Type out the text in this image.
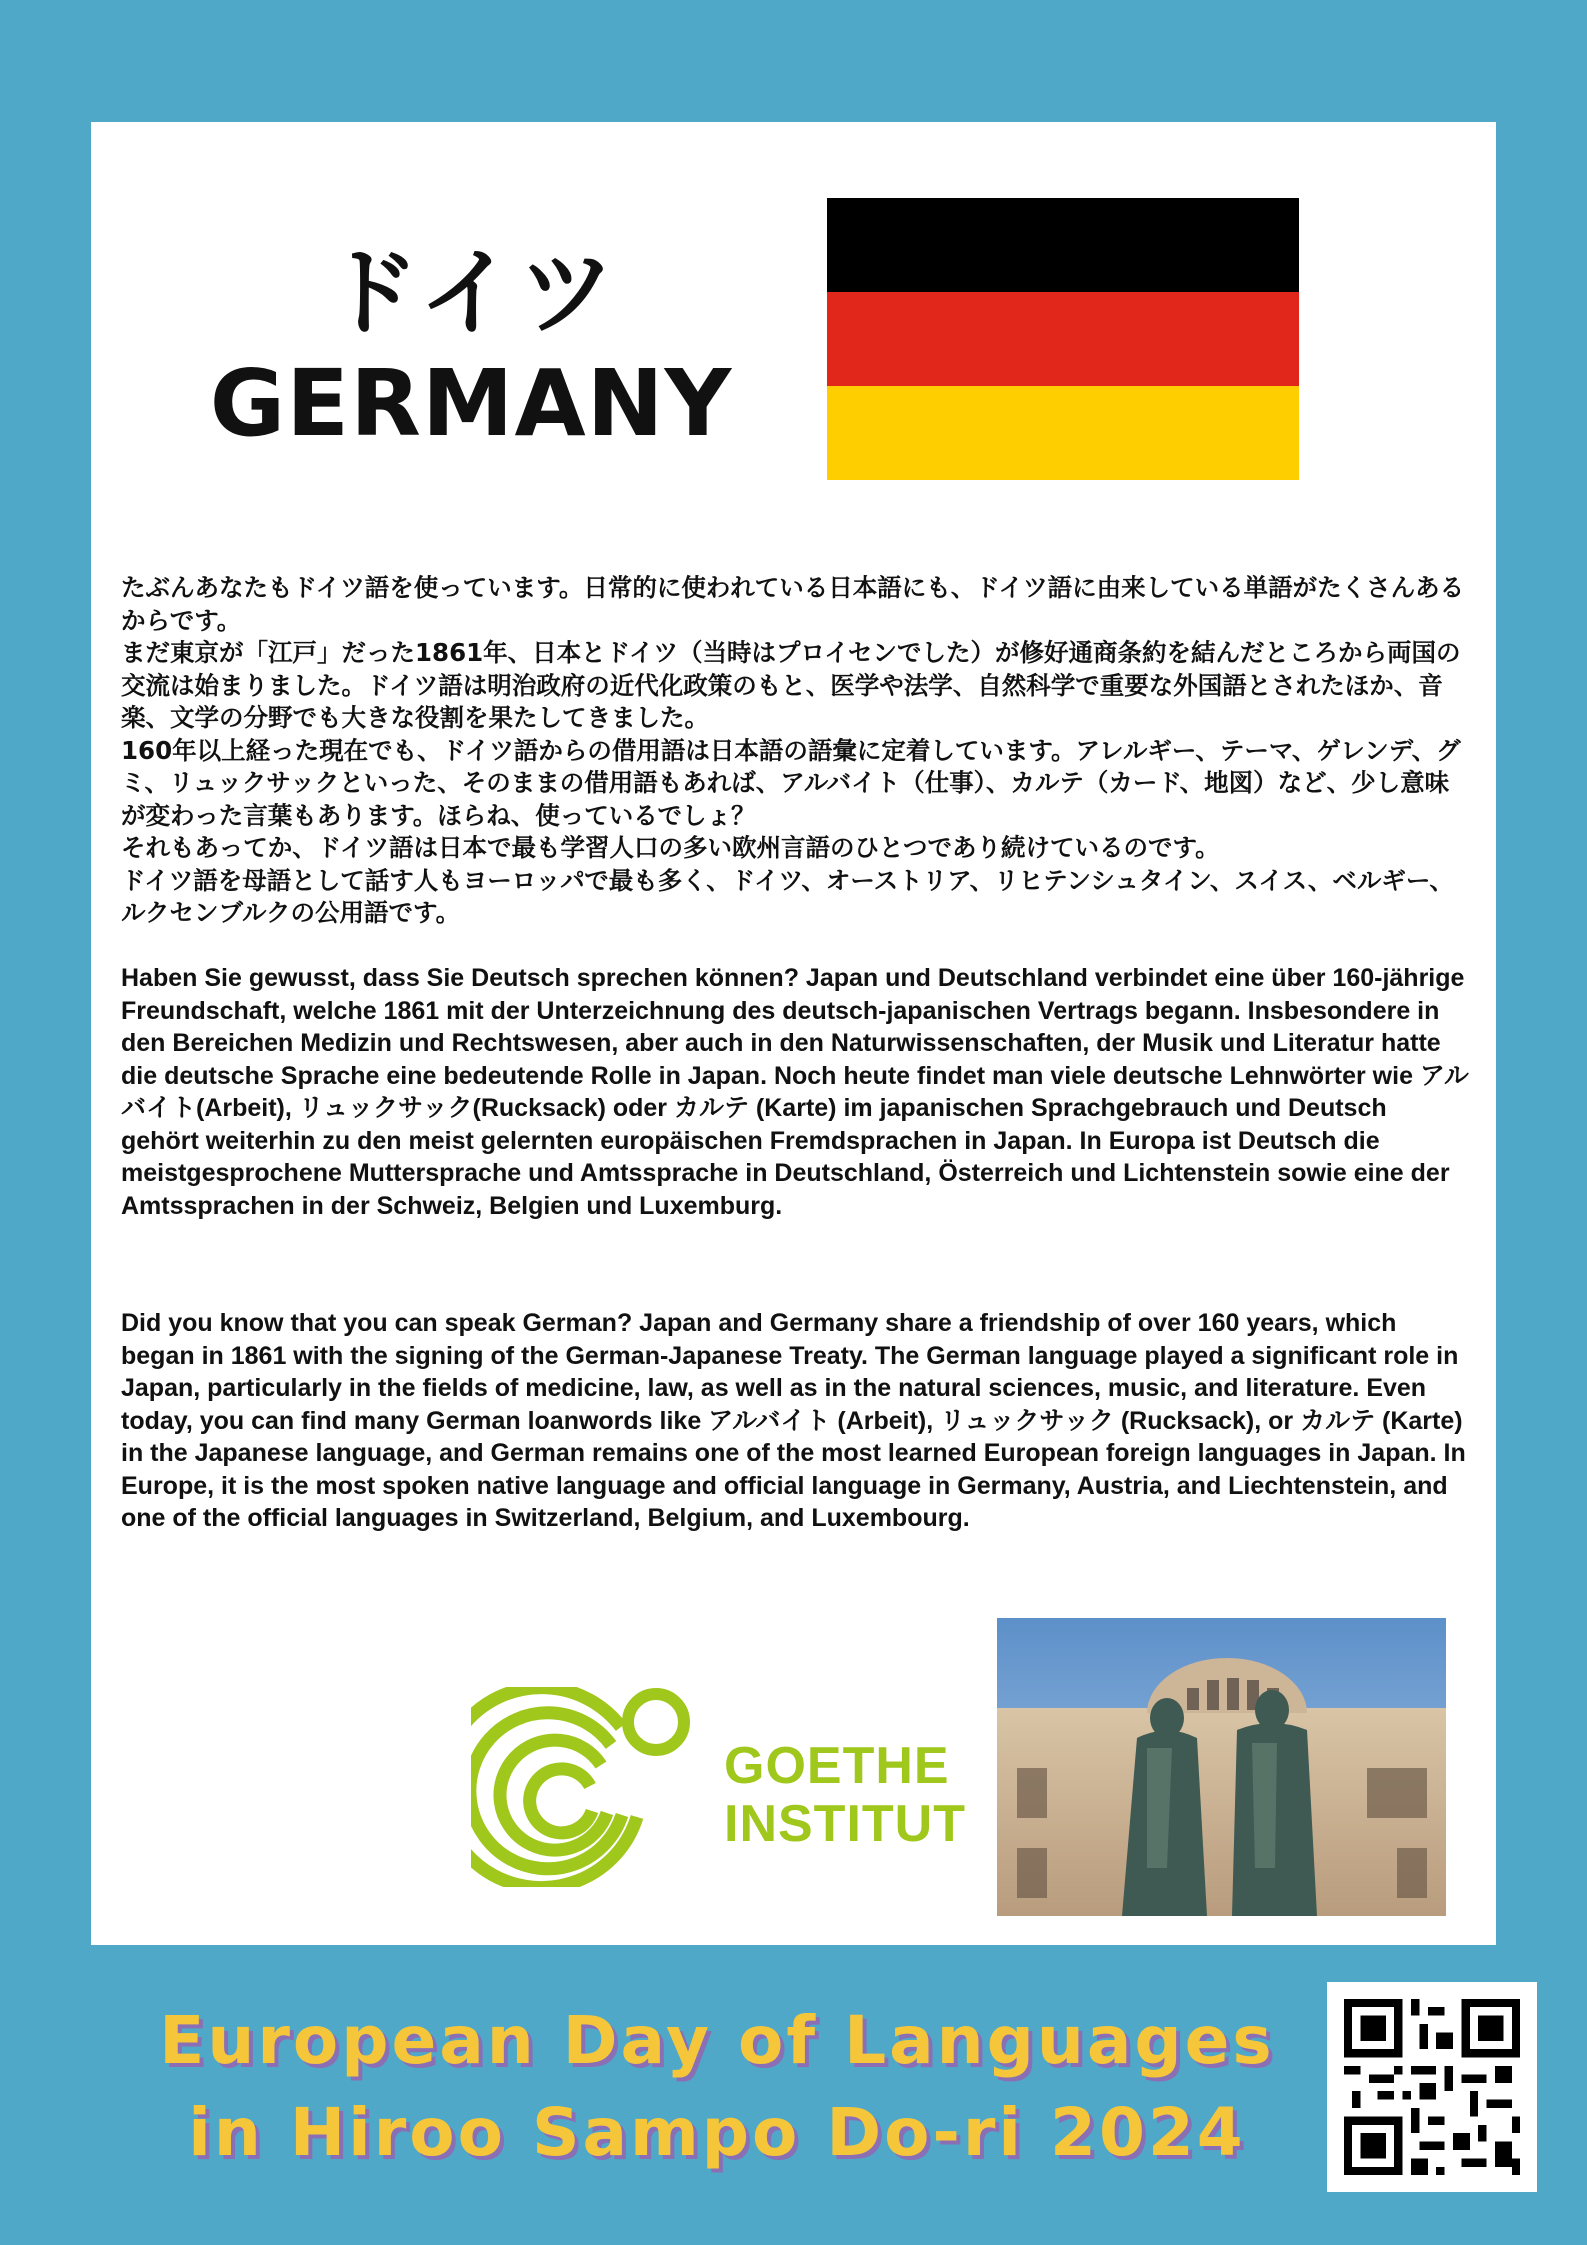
ドイツ
GERMANY

たぶんあなたもドイツ語を使っています。日常的に使われている日本語にも、ドイツ語に由来している単語がたくさんあるからです。

まだ東京が「江戸」だった1861年、日本とドイツ（当時はプロイセンでした）が修好通商条約を結んだところから両国の交流は始まりました。ドイツ語は明治政府の近代化政策のもと、医学や法学、自然科学で重要な外国語とされたほか、音楽、文学の分野でも大きな役割を果たしてきました。

160年以上経った現在でも、ドイツ語からの借用語は日本語の語彙に定着しています。アレルギー、テーマ、ゲレンデ、グミ、リュックサックといった、そのままの借用語もあれば、アルバイト（仕事）、カルテ（カード、地図）など、少し意味が変わった言葉もあります。ほらね、使っているでしょ？

それもあってか、ドイツ語は日本で最も学習人口の多い欧州言語のひとつであり続けているのです。

ドイツ語を母語として話す人もヨーロッパで最も多く、ドイツ、オーストリア、リヒテンシュタイン、スイス、ベルギー、ルクセンブルクの公用語です。

Haben Sie gewusst, dass Sie Deutsch sprechen können? Japan und Deutschland verbindet eine über 160-jährige Freundschaft, welche 1861 mit der Unterzeichnung des deutsch-japanischen Vertrags begann. Insbesondere in den Bereichen Medizin und Rechtswesen, aber auch in den Naturwissenschaften, der Musik und Literatur hatte die deutsche Sprache eine bedeutende Rolle in Japan. Noch heute findet man viele deutsche Lehnwörter wie アルバイト(Arbeit), リュックサック(Rucksack) oder カルテ (Karte) im japanischen Sprachgebrauch und Deutsch gehört weiterhin zu den meist gelernten europäischen Fremdsprachen in Japan. In Europa ist Deutsch die meistgesprochene Muttersprache und Amtssprache in Deutschland, Österreich und Lichtenstein sowie eine der Amtssprachen in der Schweiz, Belgien und Luxemburg.
Did you know that you can speak German? Japan and Germany share a friendship of over 160 years, which began in 1861 with the signing of the German-Japanese Treaty. The German language played a significant role in Japan, particularly in the fields of medicine, law, as well as in the natural sciences, music, and literature. Even today, you can find many German loanwords like アルバイト (Arbeit), リュックサック (Rucksack), or カルテ (Karte) in the Japanese language, and German remains one of the most learned European foreign languages in Japan. In Europe, it is the most spoken native language and official language in Germany, Austria, and Liechtenstein, and one of the official languages in Switzerland, Belgium, and Luxembourg.
GOETHE
INSTITUT
European Day of Languages
in Hiroo Sampo Do-ri 2024
